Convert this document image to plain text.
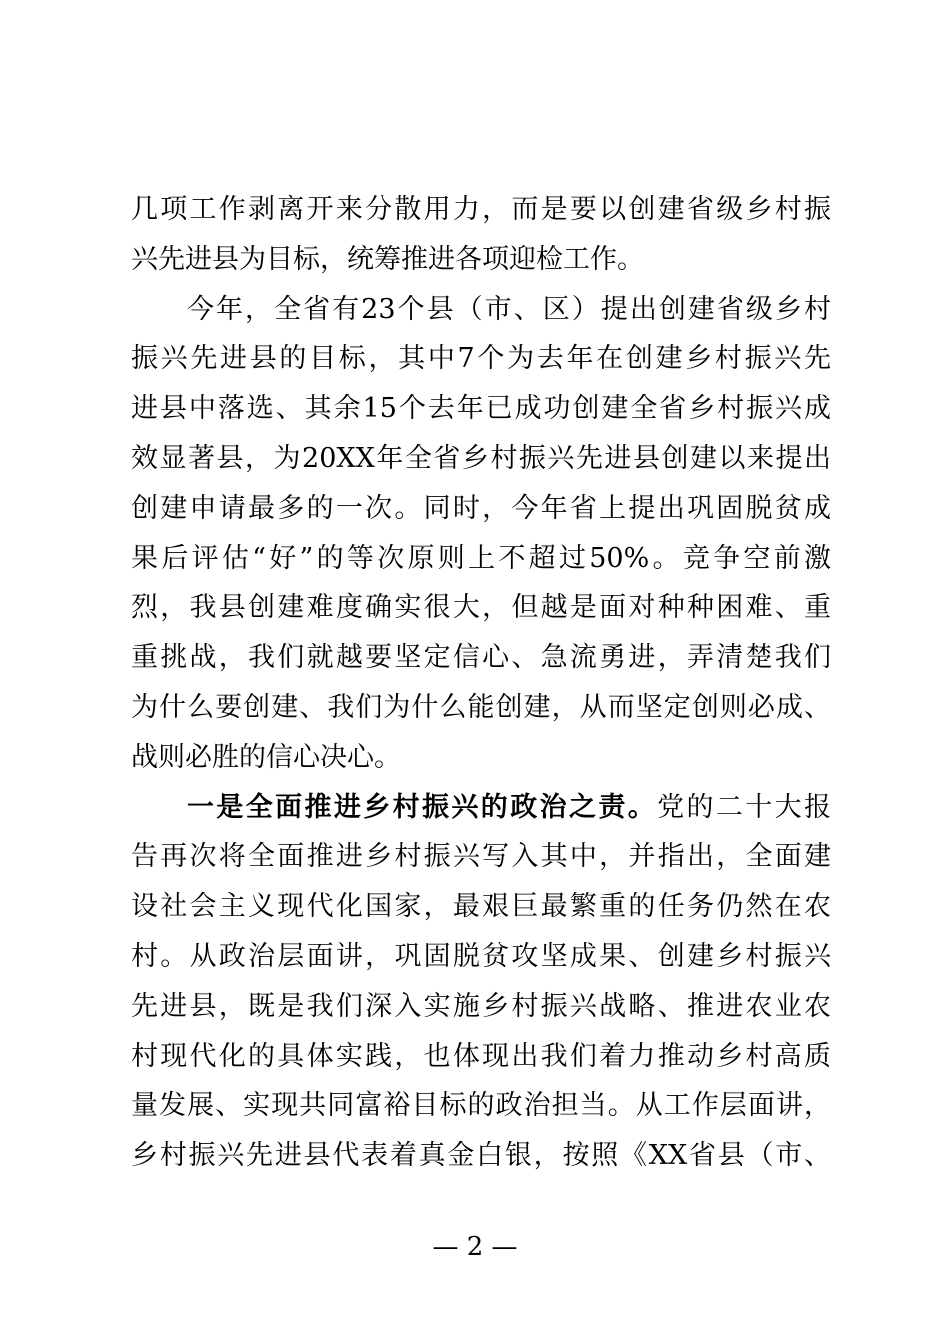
几项工作剥离开来分散用力，而是要以创建省级乡村振
兴先进县为目标，统筹推进各项迎检工作。
今年，全省有23个县（市、区）提出创建省级乡村
振兴先进县的目标，其中7个为去年在创建乡村振兴先
进县中落选、其余15个去年已成功创建全省乡村振兴成
效显著县，为20XX年全省乡村振兴先进县创建以来提出
创建申请最多的一次。同时，今年省上提出巩固脱贫成
果后评估“好”的等次原则上不超过50%。竞争空前激
烈，我县创建难度确实很大，但越是面对种种困难、重
重挑战，我们就越要坚定信心、急流勇进，弄清楚我们
为什么要创建、我们为什么能创建，从而坚定创则必成、
战则必胜的信心决心。
一是全面推进乡村振兴的政治之责。党的二十大报
告再次将全面推进乡村振兴写入其中，并指出，全面建
设社会主义现代化国家，最艰巨最繁重的任务仍然在农
村。从政治层面讲，巩固脱贫攻坚成果、创建乡村振兴
先进县，既是我们深入实施乡村振兴战略、推进农业农
村现代化的具体实践，也体现出我们着力推动乡村高质
量发展、实现共同富裕目标的政治担当。从工作层面讲，
乡村振兴先进县代表着真金白银，按照《XX省县（市、
— 2 —
